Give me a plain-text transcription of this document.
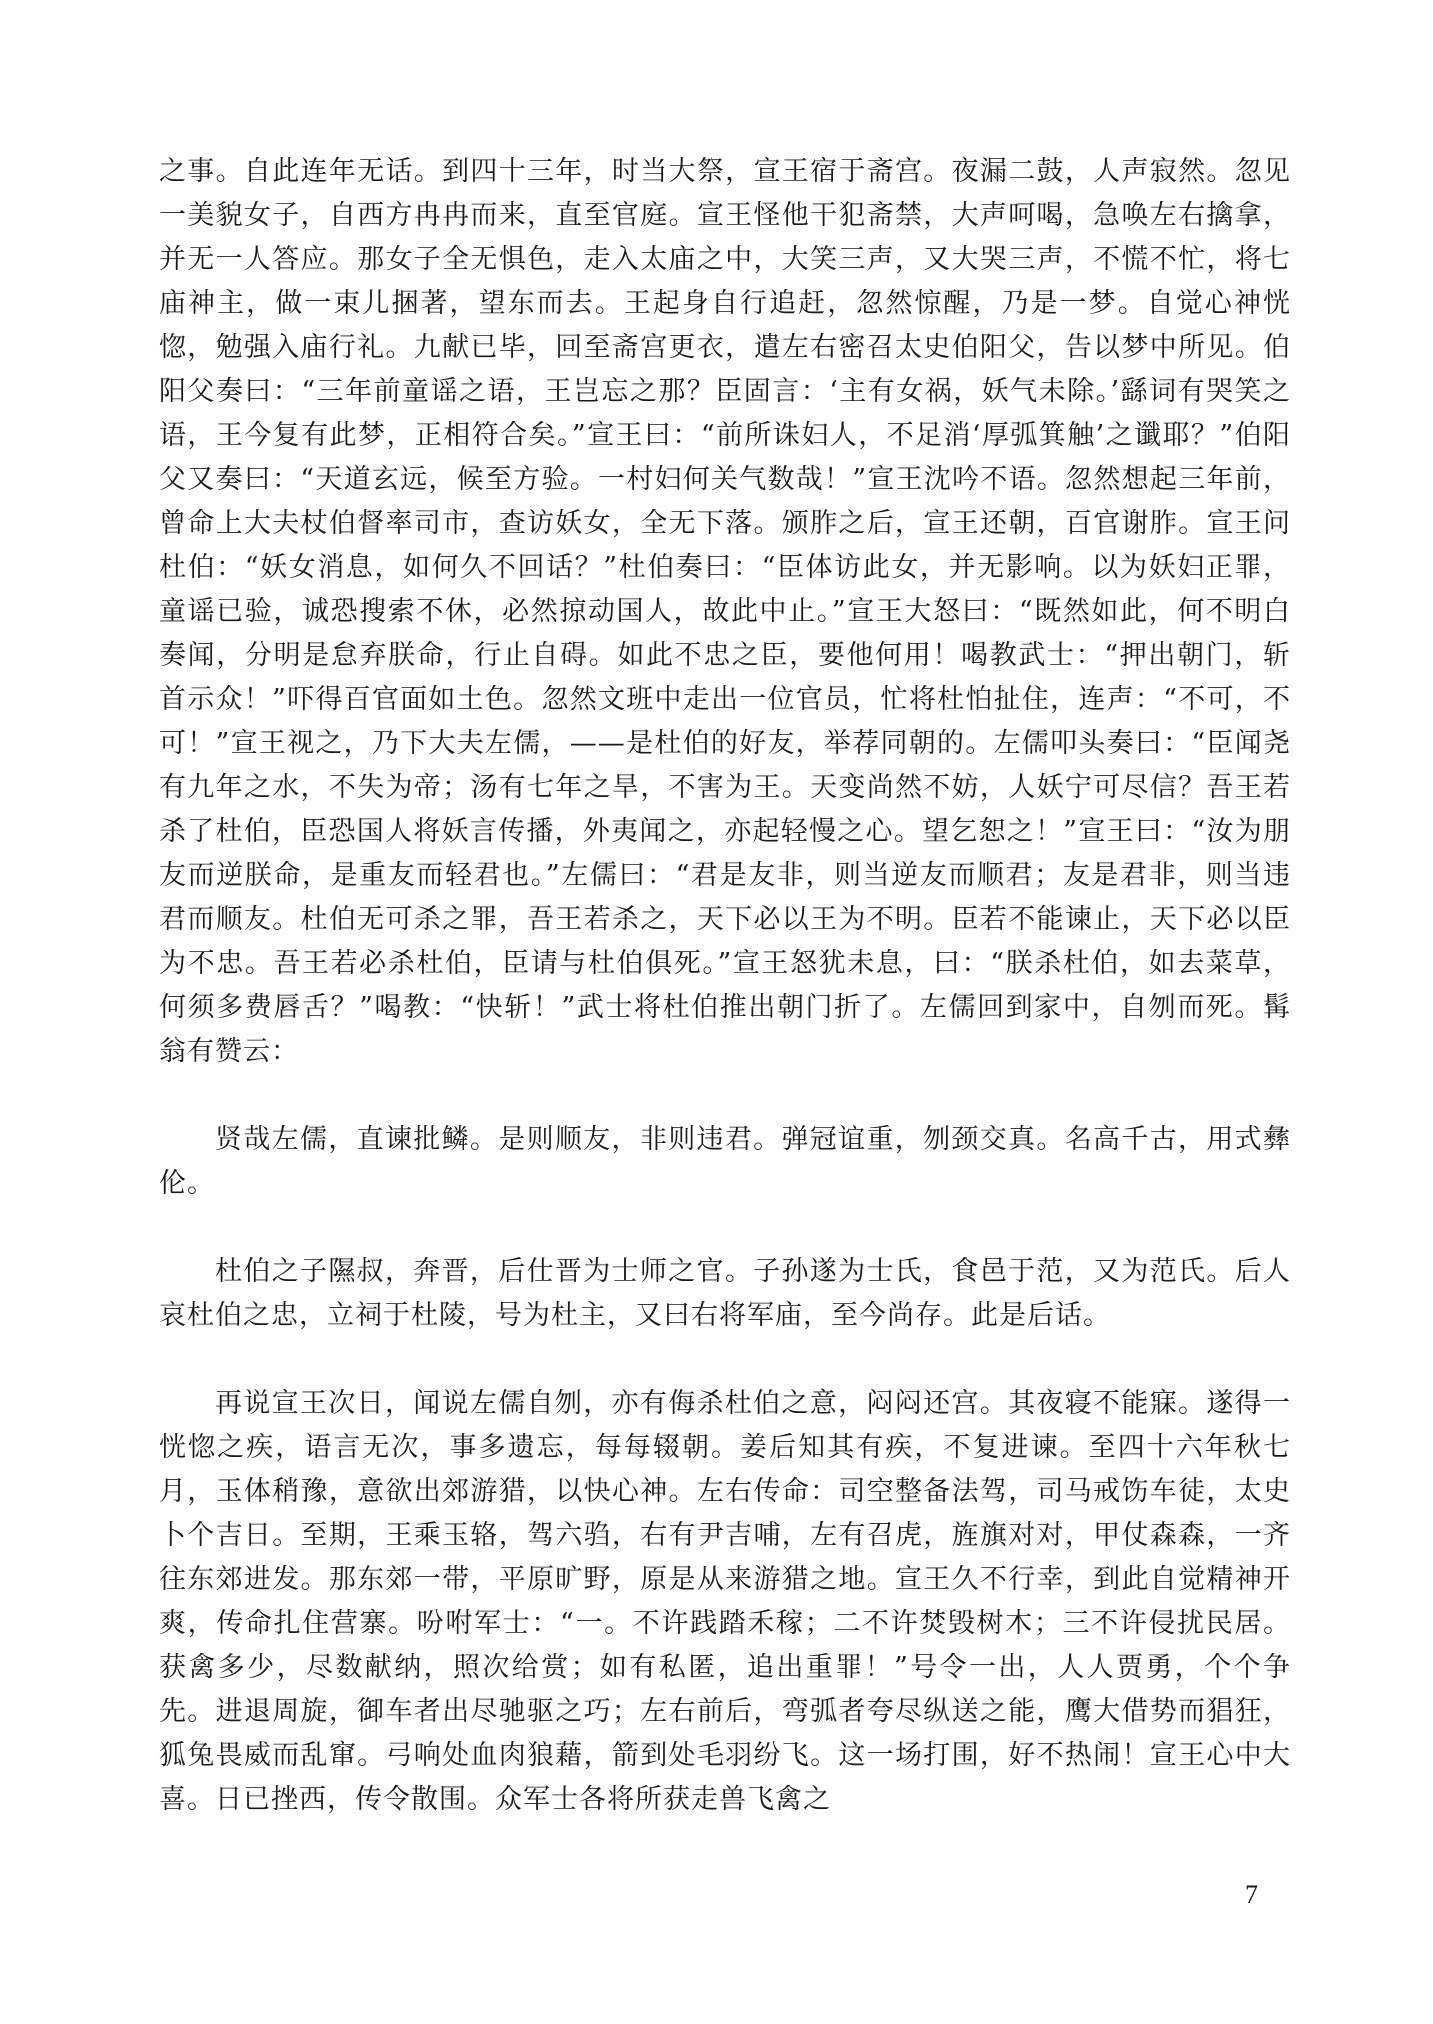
之事。自此连年无话。到四十三年，时当大祭，宣王宿于斋宫。夜漏二鼓，人声寂然。忽见一美貌女子，自西方冉冉而来，直至官庭。宣王怪他干犯斋禁，大声呵喝，急唤左右擒拿，并无一人答应。那女子全无惧色，走入太庙之中，大笑三声，又大哭三声，不慌不忙，将七庙神主，做一束儿捆著，望东而去。王起身自行追赶，忽然惊醒，乃是一梦。自觉心神恍惚，勉强入庙行礼。九献已毕，回至斋宫更衣，遣左右密召太史伯阳父，告以梦中所见。伯阳父奏曰：“三年前童谣之语，王岂忘之那？臣固言：‘主有女祸，妖气未除。’繇词有哭笑之语，王今复有此梦，正相符合矣。”宣王曰：“前所诛妇人，不足消‘厚弧箕触’之谶耶？”伯阳父又奏曰：“天道玄远，候至方验。一村妇何关气数哉！”宣王沈吟不语。忽然想起三年前，曾命上大夫杖伯督率司市，查访妖女，全无下落。颁胙之后，宣王还朝，百官谢胙。宣王问杜伯：“妖女消息，如何久不回话？”杜伯奏曰：“臣体访此女，并无影响。以为妖妇正罪，童谣已验，诚恐搜索不休，必然掠动国人，故此中止。”宣王大怒曰：“既然如此，何不明白奏闻，分明是怠弃朕命，行止自碍。如此不忠之臣，要他何用！喝教武士：“押出朝门，斩首示众！”吓得百官面如土色。忽然文班中走出一位官员，忙将杜怕扯住，连声：“不可，不可！”宣王视之，乃下大夫左儒，——是杜伯的好友，举荐同朝的。左儒叩头奏曰：“臣闻尧有九年之水，不失为帝；汤有七年之旱，不害为王。天变尚然不妨，人妖宁可尽信？吾王若杀了杜伯，臣恐国人将妖言传播，外夷闻之，亦起轻慢之心。望乞恕之！”宣王曰：“汝为朋友而逆朕命，是重友而轻君也。”左儒曰：“君是友非，则当逆友而顺君；友是君非，则当违君而顺友。杜伯无可杀之罪，吾王若杀之，天下必以王为不明。臣若不能谏止，天下必以臣为不忠。吾王若必杀杜伯，臣请与杜伯俱死。”宣王怒犹未息，曰：“朕杀杜伯，如去菜草，何须多费唇舌？”喝教：“快斩！”武士将杜伯推出朝门折了。左儒回到家中，自刎而死。髯翁有赞云：

贤哉左儒，直谏批鳞。是则顺友，非则违君。弹冠谊重，刎颈交真。名高千古，用式彝伦。

杜伯之子隰叔，奔晋，后仕晋为士师之官。子孙遂为士氏，食邑于范，又为范氏。后人哀杜伯之忠，立祠于杜陵，号为杜主，又曰右将军庙，至今尚存。此是后话。

再说宣王次日，闻说左儒自刎，亦有侮杀杜伯之意，闷闷还宫。其夜寝不能寐。遂得一恍惚之疾，语言无次，事多遗忘，每每辍朝。姜后知其有疾，不复进谏。至四十六年秋七月，玉体稍豫，意欲出郊游猎，以快心神。左右传命：司空整备法驾，司马戒饬车徒，太史卜个吉日。至期，王乘玉辂，驾六驺，右有尹吉哺，左有召虎，旌旗对对，甲仗森森，一齐往东郊进发。那东郊一带，平原旷野，原是从来游猎之地。宣王久不行幸，到此自觉精神开爽，传命扎住营寨。吩咐军士：“一。不许践踏禾稼；二不许焚毁树木；三不许侵扰民居。获禽多少，尽数献纳，照次给赏；如有私匿，追出重罪！”号令一出，人人贾勇，个个争先。进退周旋，御车者出尽驰驱之巧；左右前后，弯弧者夸尽纵送之能，鹰大借势而猖狂，狐兔畏威而乱窜。弓响处血肉狼藉，箭到处毛羽纷飞。这一场打围，好不热闹！宣王心中大喜。日已挫西，传令散围。众军士各将所获走兽飞禽之

7
